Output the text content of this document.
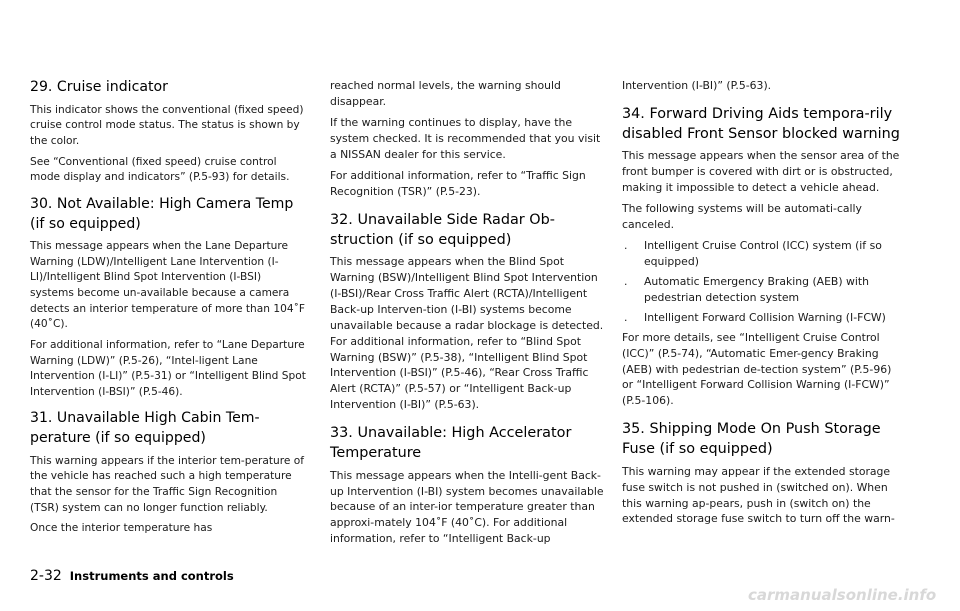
29. Cruise indicator

This indicator shows the conventional (fixed speed) cruise control mode status. The status is shown by the color.

See “Conventional (fixed speed) cruise control mode display and indicators” (P.5-93) for details.

30. Not Available: High Camera Temp (if so equipped)

This message appears when the Lane Departure Warning (LDW)/Intelligent Lane Intervention (I-LI)/Intelligent Blind Spot Intervention (I-BSI) systems become un-available because a camera detects an interior temperature of more than 104˚F (40˚C).

For additional information, refer to “Lane Departure Warning (LDW)” (P.5-26), “Intel-ligent Lane Intervention (I-LI)” (P.5-31) or “Intelligent Blind Spot Intervention (I-BSI)” (P.5-46).

31. Unavailable High Cabin Tem-perature (if so equipped)

This warning appears if the interior tem-perature of the vehicle has reached such a high temperature that the sensor for the Traffic Sign Recognition (TSR) system can no longer function reliably.

Once the interior temperature has

reached normal levels, the warning should disappear.

If the warning continues to display, have the system checked. It is recommended that you visit a NISSAN dealer for this service.

For additional information, refer to “Traffic Sign Recognition (TSR)” (P.5-23).

32. Unavailable Side Radar Ob-struction (if so equipped)

This message appears when the Blind Spot Warning (BSW)/Intelligent Blind Spot Intervention (I-BSI)/Rear Cross Traffic Alert (RCTA)/Intelligent Back-up Interven-tion (I-BI) systems become unavailable because a radar blockage is detected. For additional information, refer to “Blind Spot Warning (BSW)” (P.5-38), “Intelligent Blind Spot Intervention (I-BSI)” (P.5-46), “Rear Cross Traffic Alert (RCTA)” (P.5-57) or “Intelligent Back-up Intervention (I-BI)” (P.5-63).

33. Unavailable: High Accelerator Temperature

This message appears when the Intelli-gent Back-up Intervention (I-BI) system becomes unavailable because of an inter-ior temperature greater than approxi-mately 104˚F (40˚C). For additional information, refer to “Intelligent Back-up

Intervention (I-BI)” (P.5-63).

34. Forward Driving Aids tempora-rily disabled Front Sensor blocked warning

This message appears when the sensor area of the front bumper is covered with dirt or is obstructed, making it impossible to detect a vehicle ahead.

The following systems will be automati-cally canceled.

. Intelligent Cruise Control (ICC) system (if so equipped)
. Automatic Emergency Braking (AEB) with pedestrian detection system
. Intelligent Forward Collision Warning (I-FCW)

For more details, see “Intelligent Cruise Control (ICC)” (P.5-74), “Automatic Emer-gency Braking (AEB) with pedestrian de-tection system” (P.5-96) or “Intelligent Forward Collision Warning (I-FCW)” (P.5-106).

35. Shipping Mode On Push Storage Fuse (if so equipped)

This warning may appear if the extended storage fuse switch is not pushed in (switched on). When this warning ap-pears, push in (switch on) the extended storage fuse switch to turn off the warn-

2-32 Instruments and controls
carmanualsonline.info
